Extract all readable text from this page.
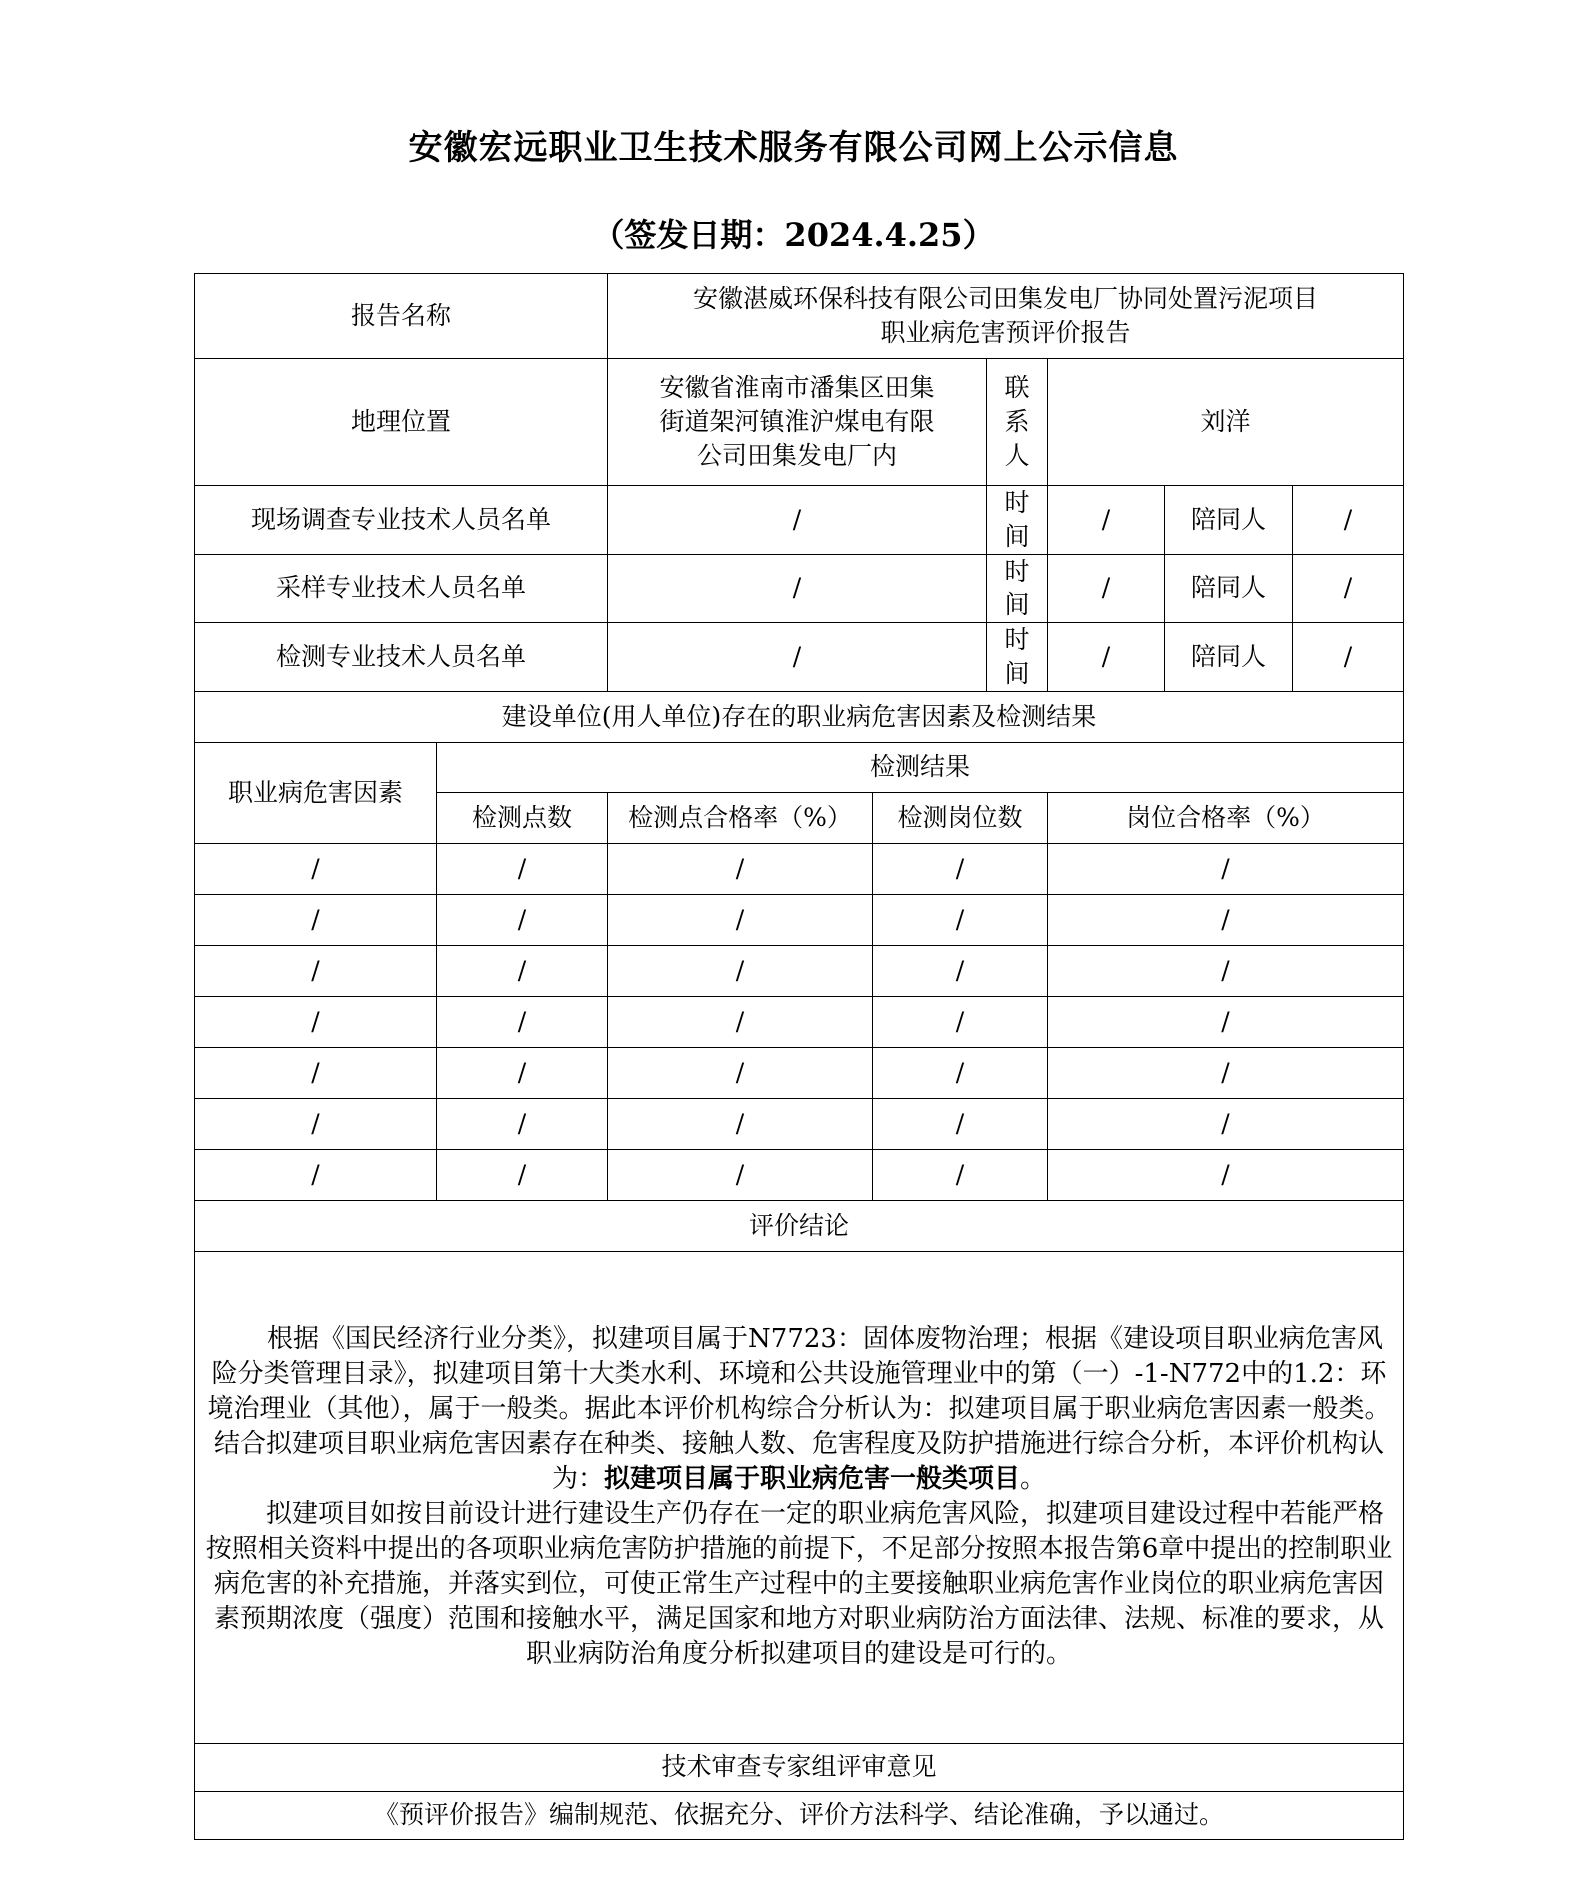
安徽宏远职业卫生技术服务有限公司网上公示信息
（签发日期：2024.4.25）
报告名称		安徽湛威环保科技有限公司田集发电厂协同处置污泥项目
职业病危害预评价报告					

地理位置		安徽省淮南市潘集区田集
街道架河镇淮沪煤电有限
公司田集发电厂内		联系人	刘洋		
现场调查专业技术人员名单		/		时间	/	陪同人	/
采样专业技术人员名单		/		时间	/	陪同人	/
检测专业技术人员名单		/		时间	/	陪同人	/
建设单位(用人单位)存在的职业病危害因素及检测结果							
职业病危害因素	检测结果						
	检测点数	检测点合格率（%）	检测岗位数		岗位合格率（%）		
/	/	/	/		/		
/	/	/	/		/		
/	/	/	/		/		
/	/	/	/		/		
/	/	/	/		/		
/	/	/	/		/		
/	/	/	/		/		
评价结论							

根据《国民经济行业分类》，拟建项目属于N7723：固体废物治理；根据《建设项目职业病危害风险分类管理目录》，拟建项目第十大类水利、环境和公共设施管理业中的第（一）-1-N772中的1.2：环境治理业（其他），属于一般类。据此本评价机构综合分析认为：拟建项目属于职业病危害因素一般类。结合拟建项目职业病危害因素存在种类、接触人数、危害程度及防护措施进行综合分析，本评价机构认为：拟建项目属于职业病危害一般类项目。

拟建项目如按目前设计进行建设生产仍存在一定的职业病危害风险，拟建项目建设过程中若能严格按照相关资料中提出的各项职业病危害防护措施的前提下，不足部分按照本报告第6章中提出的控制职业病危害的补充措施，并落实到位，可使正常生产过程中的主要接触职业病危害作业岗位的职业病危害因素预期浓度（强度）范围和接触水平，满足国家和地方对职业病防治方面法律、法规、标准的要求，从职业病防治角度分析拟建项目的建设是可行的。							

技术审查专家组评审意见							
《预评价报告》编制规范、依据充分、评价方法科学、结论准确，予以通过。							
